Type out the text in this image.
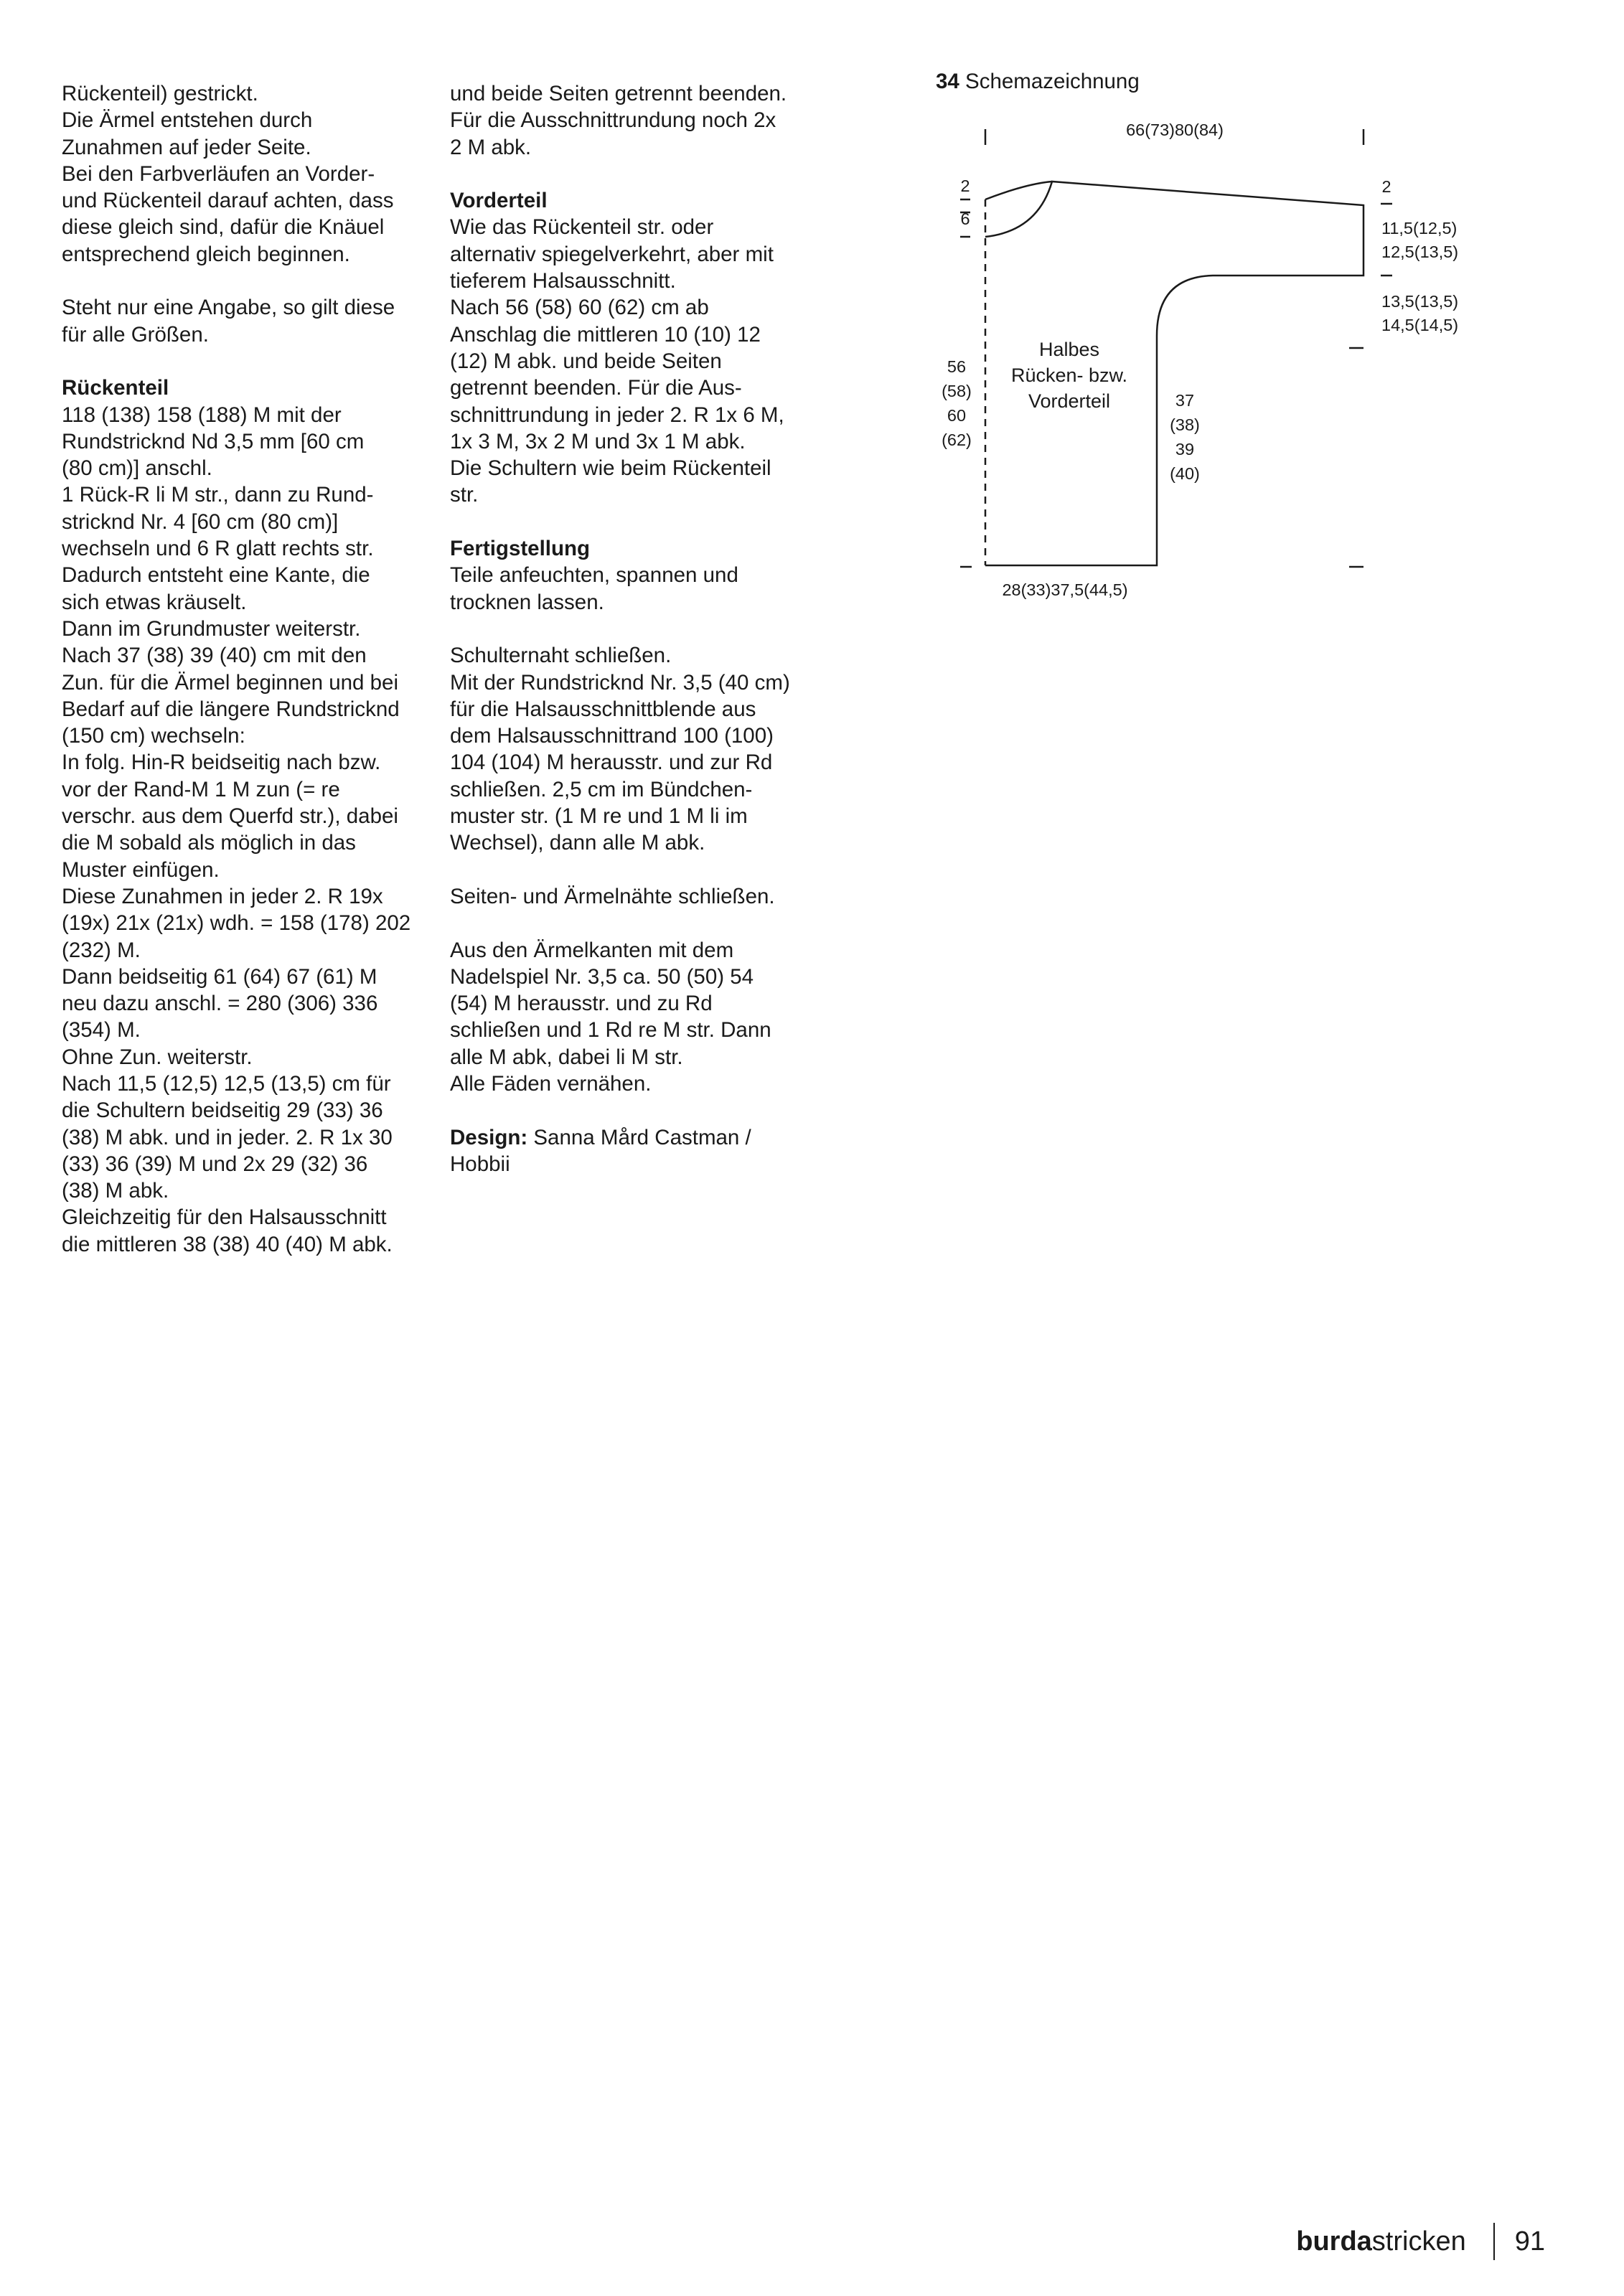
Rückenteil) gestrickt.

Die Ärmel entstehen durch

Zunahmen auf jeder Seite.

Bei den Farbverläufen an Vorder-

und Rückenteil darauf achten, dass

diese gleich sind, dafür die Knäuel

entsprechend gleich beginnen.

Steht nur eine Angabe, so gilt diese

für alle Größen.

Rückenteil

118 (138) 158 (188) M mit der

Rundstricknd Nd 3,5 mm [60 cm

(80 cm)] anschl.

1 Rück-R li M str., dann zu Rund-

stricknd Nr. 4 [60 cm (80 cm)]

wechseln und 6 R glatt rechts str.

Dadurch entsteht eine Kante, die

sich etwas kräuselt.

Dann im Grundmuster weiterstr.

Nach 37 (38) 39 (40) cm mit den

Zun. für die Ärmel beginnen und bei

Bedarf auf die längere Rundstricknd

(150 cm) wechseln:

In folg. Hin-R beidseitig nach bzw.

vor der Rand-M 1 M zun (= re

verschr. aus dem Querfd str.), dabei

die M sobald als möglich in das

Muster einfügen.

Diese Zunahmen in jeder 2. R 19x

(19x) 21x (21x) wdh. = 158 (178) 202

(232) M.

Dann beidseitig 61 (64) 67 (61) M

neu dazu anschl. = 280 (306) 336

(354) M.

Ohne Zun. weiterstr.

Nach 11,5 (12,5) 12,5 (13,5) cm für

die Schultern beidseitig 29 (33) 36

(38) M abk. und in jeder. 2. R 1x 30

(33) 36 (39) M und 2x 29 (32) 36

(38) M abk.

Gleichzeitig für den Halsausschnitt

die mittleren 38 (38) 40 (40) M abk.

und beide Seiten getrennt beenden.

Für die Ausschnittrundung noch 2x

2 M abk.

Vorderteil

Wie das Rückenteil str. oder

alternativ spiegelverkehrt, aber mit

tieferem Halsausschnitt.

Nach 56 (58) 60 (62) cm ab

Anschlag die mittleren 10 (10) 12

(12) M abk. und beide Seiten

getrennt beenden. Für die Aus-

schnittrundung in jeder 2. R 1x 6 M,

1x 3 M, 3x 2 M und 3x 1 M abk.

Die Schultern wie beim Rückenteil

str.

Fertigstellung

Teile anfeuchten, spannen und

trocknen lassen.

Schulternaht schließen.

Mit der Rundstricknd Nr. 3,5 (40 cm)

für die Halsausschnittblende aus

dem Halsausschnittrand 100 (100)

104 (104) M herausstr. und zur Rd

schließen. 2,5 cm im Bündchen-

muster str. (1 M re und 1 M li im

Wechsel), dann alle M abk.

Seiten- und Ärmelnähte schließen.

Aus den Ärmelkanten mit dem

Nadelspiel Nr. 3,5 ca. 50 (50) 54

(54) M herausstr. und zu Rd

schließen und 1 Rd re M str. Dann

alle M abk, dabei li M str.

Alle Fäden vernähen.

Design: Sanna Mård Castman /

Hobbii

34 Schemazeichnung
66(73)80(84)
2
6
2
11,5(12,5)
12,5(13,5)
13,5(13,5)
14,5(14,5)
56
(58)
60
(62)
37
(38)
39
(40)
28(33)37,5(44,5)
Halbes
Rücken- bzw.
Vorderteil
burdastricken 91
